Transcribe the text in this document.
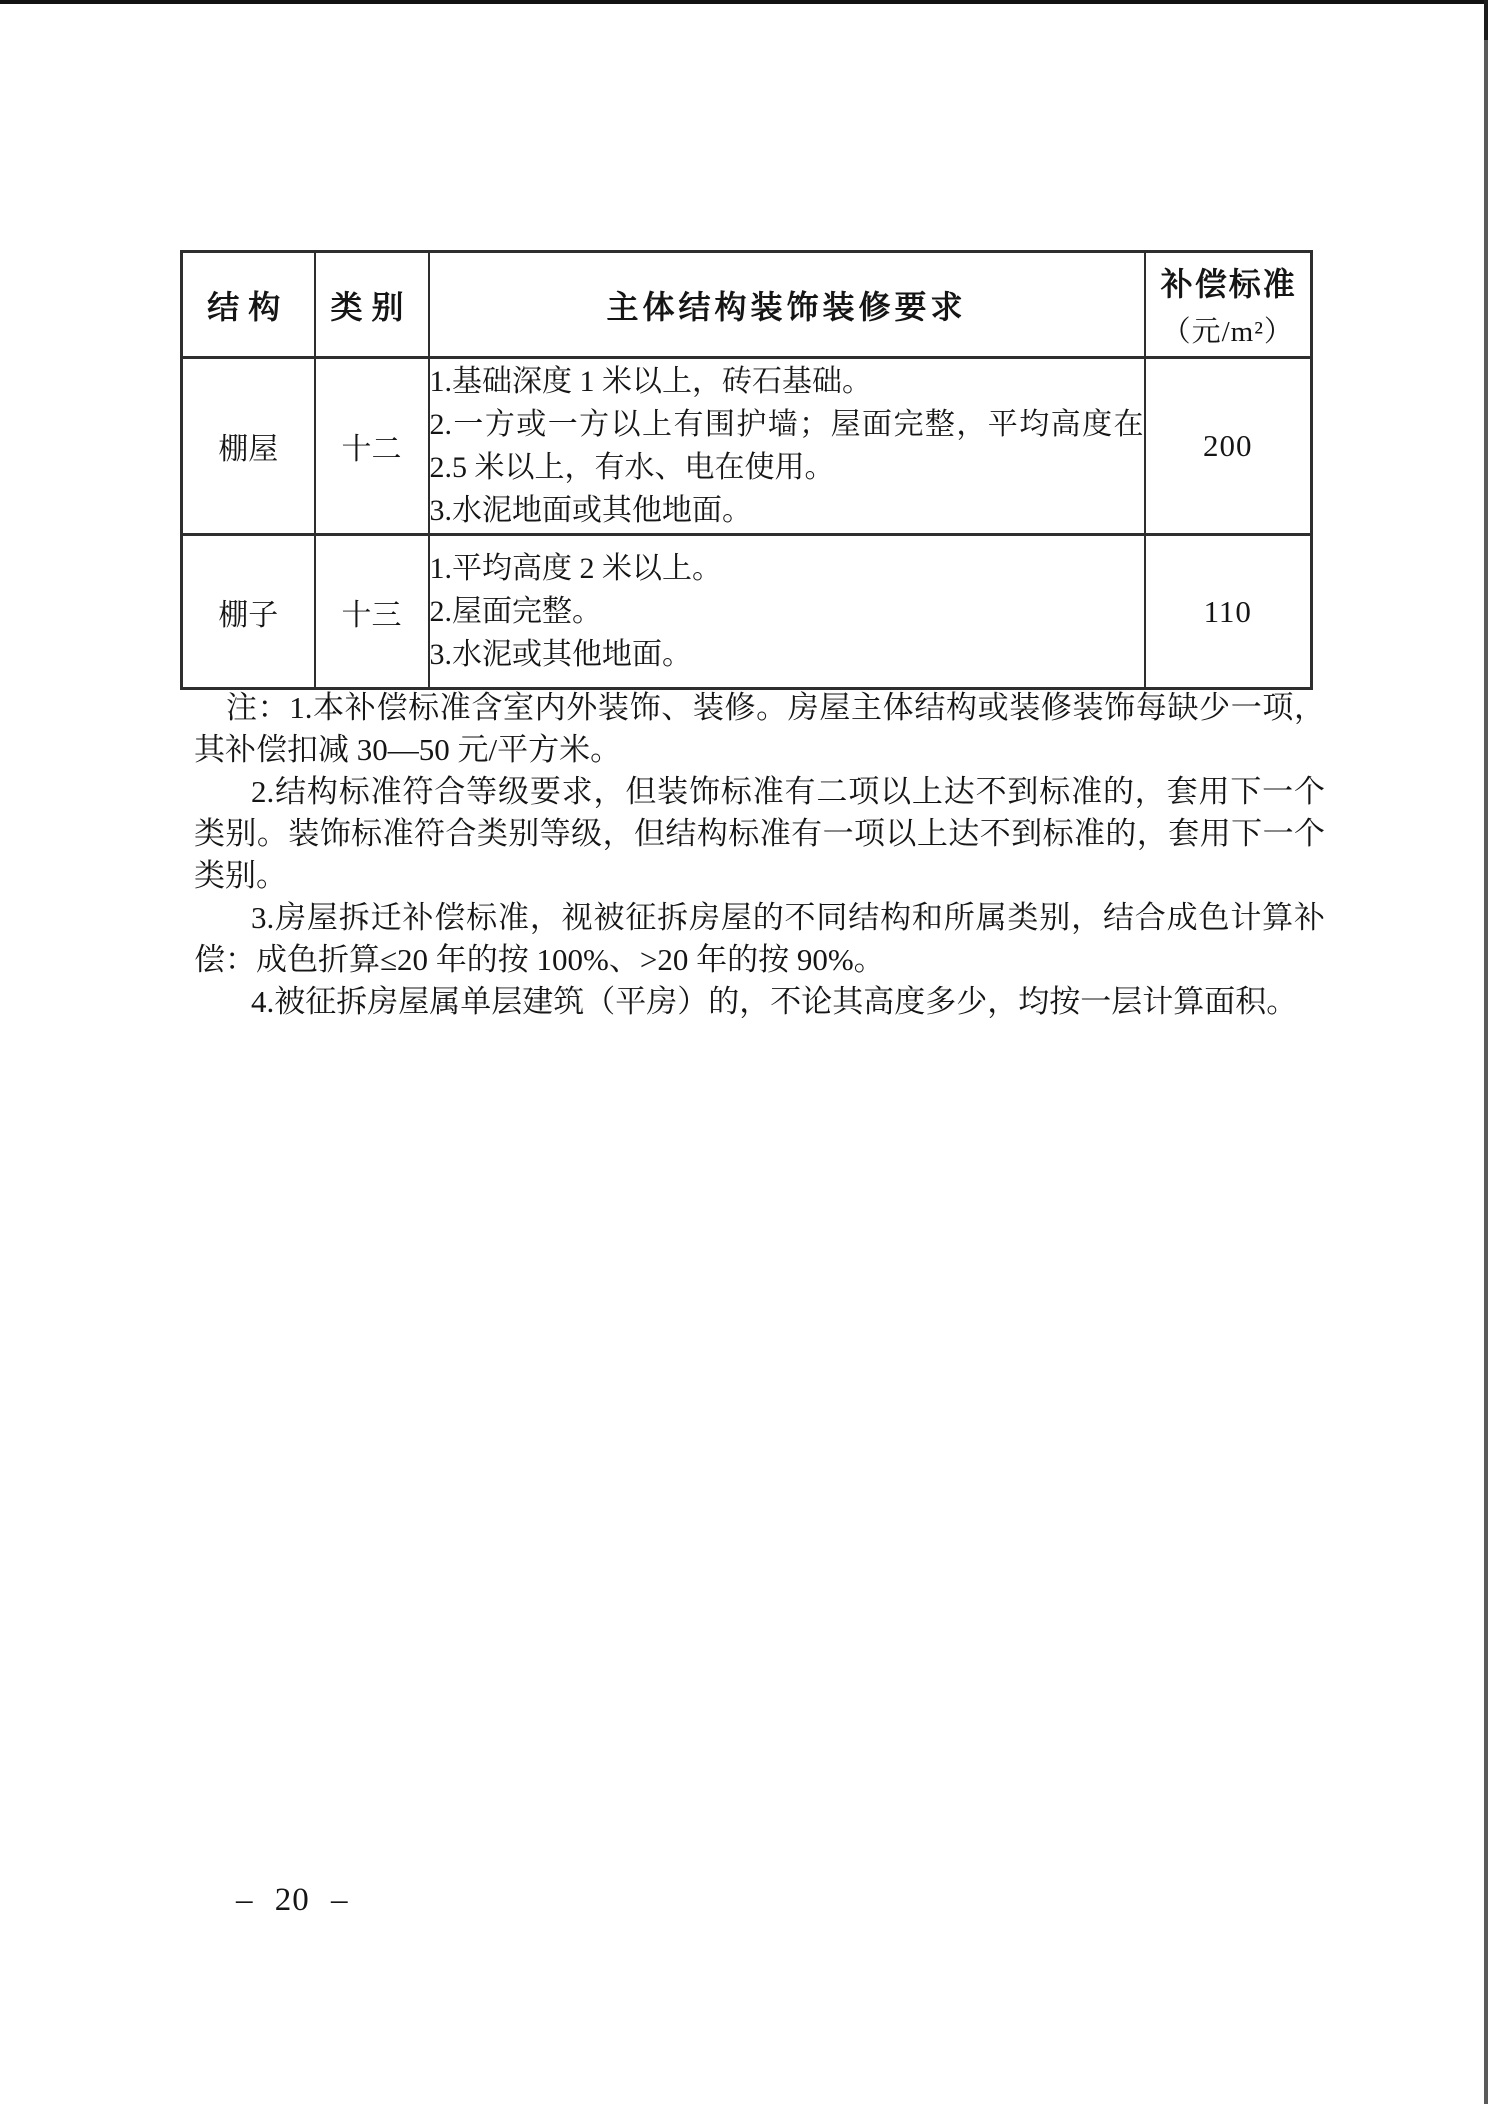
结构	类别	主体结构装饰装修要求	补偿标准
（元/m²）

棚屋	十二	1.基础深度 1 米以上，砖石基础。
2.一方或一方以上有围护墙；屋面完整，平均高度在
2.5 米以上，有水、电在使用。
3.水泥地面或其他地面。	200
棚子	十三	1.平均高度 2 米以上。
2.屋面完整。
3.水泥或其他地面。	110
注：1.本补偿标准含室内外装饰、装修。房屋主体结构或装修装饰每缺少一项，
其补偿扣减 30—50 元/平方米。
2.结构标准符合等级要求，但装饰标准有二项以上达不到标准的，套用下一个
类别。装饰标准符合类别等级，但结构标准有一项以上达不到标准的，套用下一个
类别。
3.房屋拆迁补偿标准，视被征拆房屋的不同结构和所属类别，结合成色计算补
偿：成色折算≤20 年的按 100%、>20 年的按 90%。
4.被征拆房屋属单层建筑（平房）的，不论其高度多少，均按一层计算面积。
– 20 –
